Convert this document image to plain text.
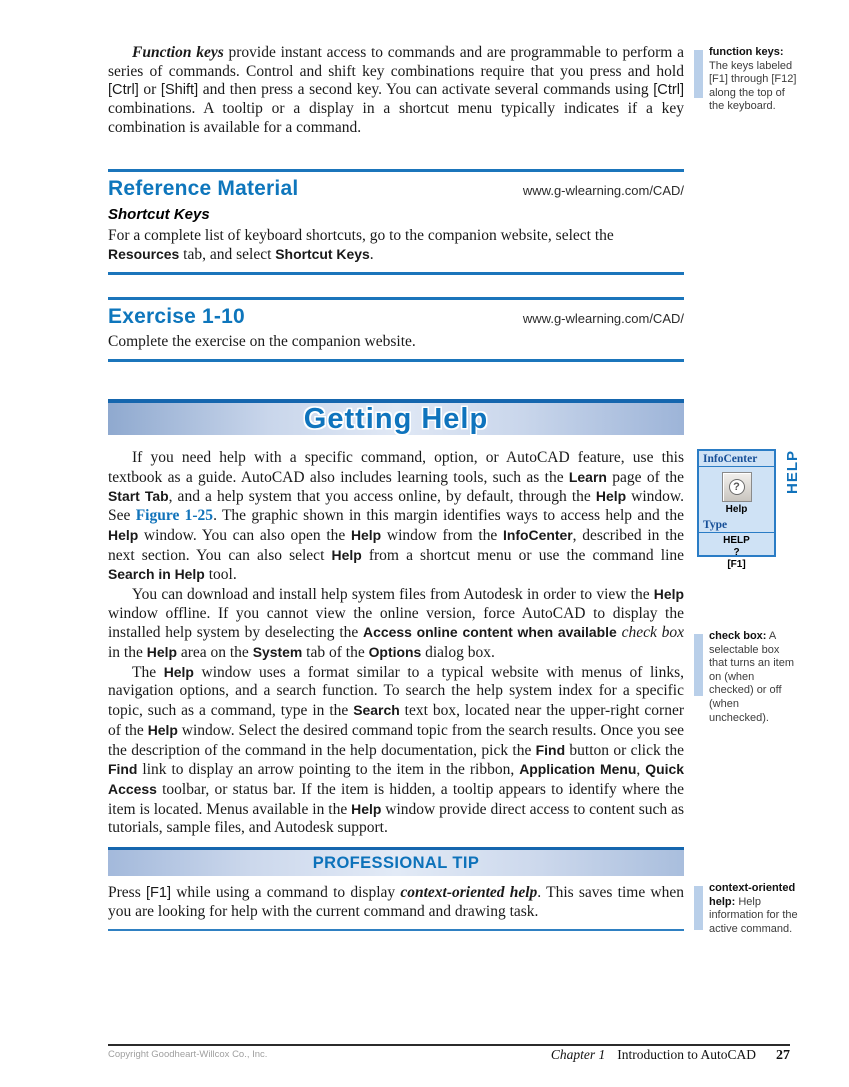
Function keys provide instant access to commands and are programmable to perform a series of commands. Control and shift key combinations require that you press and hold [Ctrl] or [Shift] and then press a second key. You can activate several commands using [Ctrl] combinations. A tooltip or a display in a shortcut menu typically indicates if a key combination is available for a command.

function keys: The keys labeled [F1] through [F12] along the top of the keyboard.
Reference Material	www.g-wlearning.com/CAD/
Shortcut Keys

For a complete list of keyboard shortcuts, go to the companion website, select the Resources tab, and select Shortcut Keys.

Exercise 1-10	www.g-wlearning.com/CAD/

Complete the exercise on the companion website.

Getting Help

If you need help with a specific command, option, or AutoCAD feature, use this textbook as a guide. AutoCAD also includes learning tools, such as the Learn page of the Start Tab, and a help system that you access online, by default, through the Help window. See Figure 1-25. The graphic shown in this margin identifies ways to access help and the Help window. You can also open the Help window from the InfoCenter, described in the next section. You can also select Help from a shortcut menu or use the command line Search in Help tool.

You can download and install help system files from Autodesk in order to view the Help window offline. If you cannot view the online version, force AutoCAD to display the installed help system by deselecting the Access online content when available check box in the Help area on the System tab of the Options dialog box.

The Help window uses a format similar to a typical website with menus of links, navigation options, and a search function. To search the help system index for a specific topic, such as a command, type in the Search text box, located near the upper-right corner of the Help window. Select the desired command topic from the search results. Once you see the description of the command in the help documentation, pick the Find button or click the Find link to display an arrow pointing to the item in the ribbon, Application Menu, Quick Access toolbar, or status bar. If the item is hidden, a tooltip appears to identify where the item is located. Menus available in the Help window provide direct access to content such as tutorials, sample files, and Autodesk support.

InfoCenter
?
Help
Type
HELP
?
[F1]
HELP
check box: A selectable box that turns an item on (when checked) or off (when unchecked).
PROFESSIONAL TIP

Press [F1] while using a command to display context-oriented help. This saves time when you are looking for help with the current command and drawing task.

context-oriented help: Help information for the active command.
Copyright Goodheart-Willcox Co., Inc.	Chapter 1 Introduction to AutoCAD 27
